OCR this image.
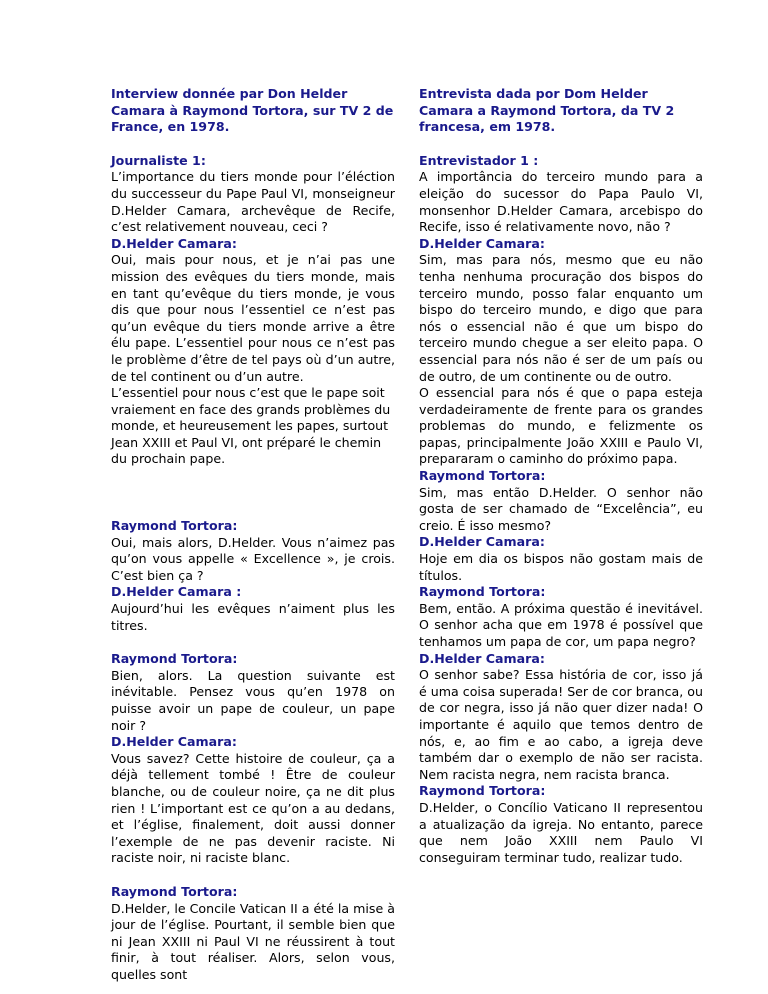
Interview donnée par Don Helder Camara à Raymond Tortora, sur TV 2 de France, en 1978.

Journaliste 1:
L’importance du tiers monde pour l’éléction du successeur du Pape Paul VI, monseigneur D.Helder Camara, archevêque de Recife, c’est relativement nouveau, ceci ?
D.Helder Camara:
Oui, mais pour nous, et je n’ai pas une mission des evêques du tiers monde, mais en tant qu’evêque du tiers monde, je vous dis que pour nous l’essentiel ce n’est pas qu’un evêque du tiers monde arrive a être élu pape. L’essentiel pour nous ce n’est pas le problème d’être de tel pays où d’un autre, de tel continent ou d’un autre.
L’essentiel pour nous c’est que le pape soit vraiement en face des grands problèmes du monde, et heureusement les papes, surtout Jean XXIII et Paul VI, ont préparé le chemin du prochain pape.
Raymond Tortora:
Oui, mais alors, D.Helder. Vous n’aimez pas qu’on vous appelle « Excellence », je crois. C’est bien ça ?
D.Helder Camara :
Aujourd’hui les evêques n’aiment plus les titres.
Raymond Tortora:
Bien, alors. La question suivante est inévitable. Pensez vous qu’en 1978 on puisse avoir un pape de couleur, un pape noir ?
D.Helder Camara:
Vous savez? Cette histoire de couleur, ça a déjà tellement tombé ! Être de couleur blanche, ou de couleur noire, ça ne dit plus rien ! L’important est ce qu’on a au dedans, et l’église, finalement, doit aussi donner l’exemple de ne pas devenir raciste. Ni raciste noir, ni raciste blanc.
Raymond Tortora:
D.Helder, le Concile Vatican II a été la mise à jour de l’église. Pourtant, il semble bien que ni Jean XXIII ni Paul VI ne réussirent à tout finir, à tout réaliser. Alors, selon vous, quelles sont

Entrevista dada por Dom Helder Camara a Raymond Tortora, da TV 2 francesa, em 1978.

Entrevistador 1 :
A importância do terceiro mundo para a eleição do sucessor do Papa Paulo VI, monsenhor D.Helder Camara, arcebispo do Recife, isso é relativamente novo, não ?
D.Helder Camara:
Sim, mas para nós, mesmo que eu não tenha nenhuma procuração dos bispos do terceiro mundo, posso falar enquanto um bispo do terceiro mundo, e digo que para nós o essencial não é que um bispo do terceiro mundo chegue a ser eleito papa. O essencial para nós não é ser de um país ou de outro, de um continente ou de outro.
O essencial para nós é que o papa esteja verdadeiramente de frente para os grandes problemas do mundo, e felizmente os papas, principalmente João XXIII e Paulo VI, prepararam o caminho do próximo papa.
Raymond Tortora:
Sim, mas então D.Helder. O senhor não gosta de ser chamado de “Excelência”, eu creio. É isso mesmo?
D.Helder Camara:
Hoje em dia os bispos não gostam mais de títulos.
Raymond Tortora:
Bem, então. A próxima questão é inevitável. O senhor acha que em 1978 é possível que tenhamos um papa de cor, um papa negro?
D.Helder Camara:
O senhor sabe? Essa história de cor, isso já é uma coisa superada! Ser de cor branca, ou de cor negra, isso já não quer dizer nada! O importante é aquilo que temos dentro de nós, e, ao fim e ao cabo, a igreja deve também dar o exemplo de não ser racista. Nem racista negra, nem racista branca.
Raymond Tortora:
D.Helder, o Concílio Vaticano II representou a atualização da igreja. No entanto, parece que nem João XXIII nem Paulo VI conseguiram terminar tudo, realizar tudo.
